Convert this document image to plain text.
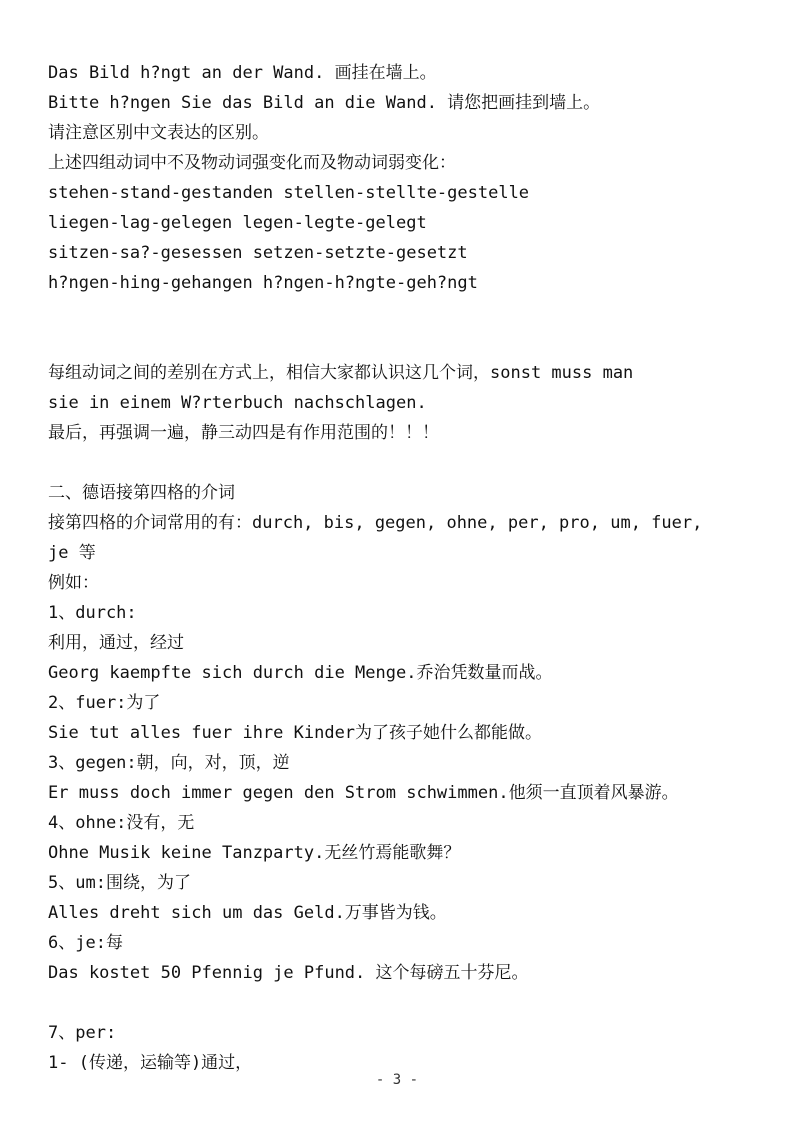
Das Bild h?ngt an der Wand. 画挂在墙上。
Bitte h?ngen Sie das Bild an die Wand. 请您把画挂到墙上。
请注意区别中文表达的区别。
上述四组动词中不及物动词强变化而及物动词弱变化：
stehen-stand-gestanden stellen-stellte-gestelle
liegen-lag-gelegen legen-legte-gelegt
sitzen-sa?-gesessen setzen-setzte-gesetzt
h?ngen-hing-gehangen h?ngen-h?ngte-geh?ngt
每组动词之间的差别在方式上，相信大家都认识这几个词，sonst muss man
sie in einem W?rterbuch nachschlagen.
最后，再强调一遍，静三动四是有作用范围的！！！
二、德语接第四格的介词
接第四格的介词常用的有：durch, bis, gegen, ohne, per, pro, um, fuer,
je 等
例如：
1、durch:
利用，通过，经过
Georg kaempfte sich durch die Menge.乔治凭数量而战。
2、fuer:为了
Sie tut alles fuer ihre Kinder为了孩子她什么都能做。
3、gegen:朝，向，对，顶，逆
Er muss doch immer gegen den Strom schwimmen.他须一直顶着风暴游。
4、ohne:没有，无
Ohne Musik keine Tanzparty.无丝竹焉能歌舞？
5、um:围绕，为了
Alles dreht sich um das Geld.万事皆为钱。
6、je:每
Das kostet 50 Pfennig je Pfund. 这个每磅五十芬尼。
7、per:
1- (传递，运输等)通过，
- 3 -
